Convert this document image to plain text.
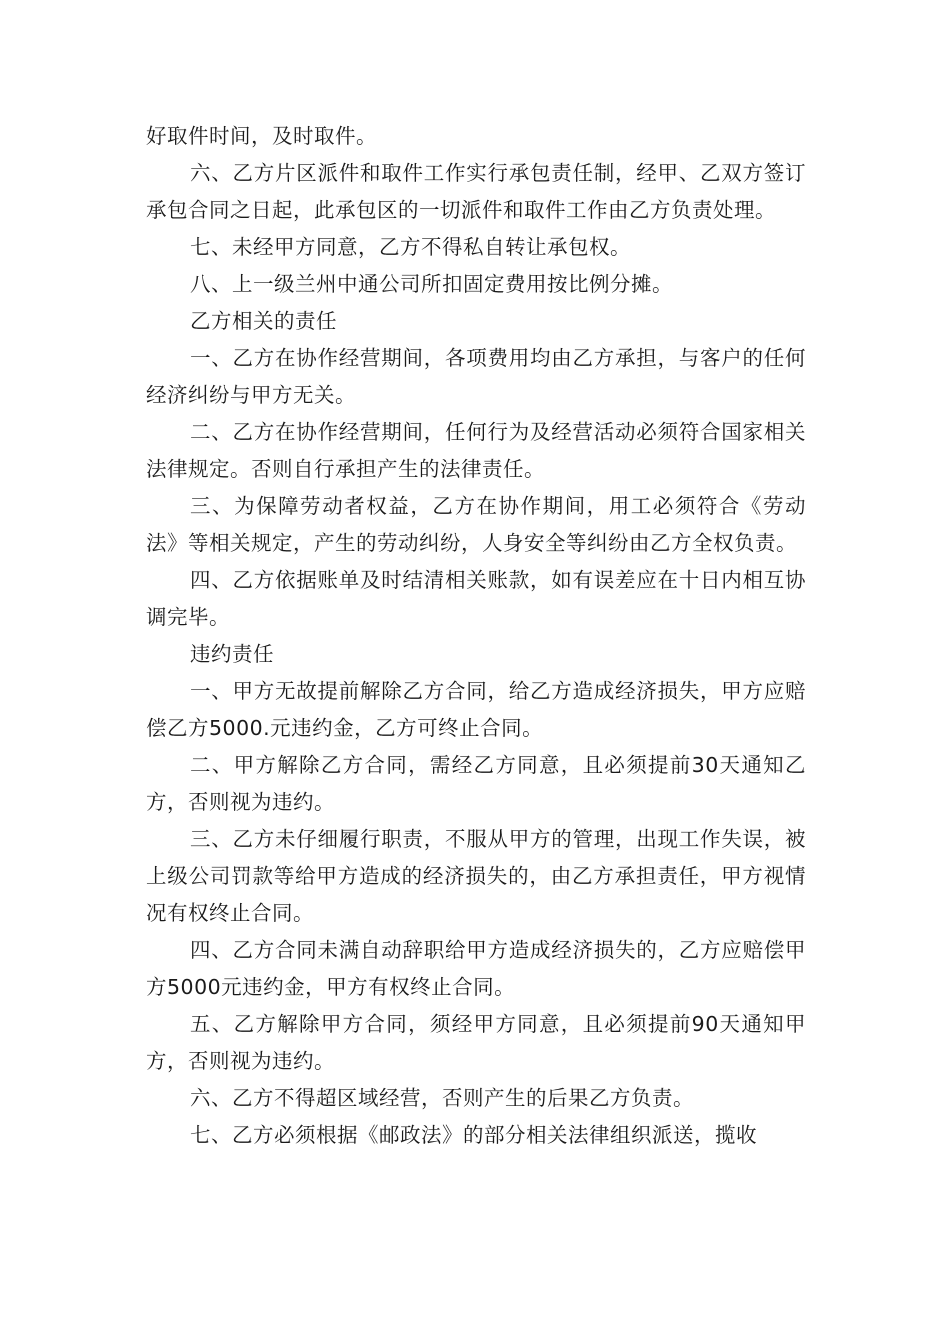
好取件时间，及时取件。

六、乙方片区派件和取件工作实行承包责任制，经甲、乙双方签订承包合同之日起，此承包区的一切派件和取件工作由乙方负责处理。

七、未经甲方同意，乙方不得私自转让承包权。

八、上一级兰州中通公司所扣固定费用按比例分摊。

乙方相关的责任

一、乙方在协作经营期间，各项费用均由乙方承担，与客户的任何经济纠纷与甲方无关。

二、乙方在协作经营期间，任何行为及经营活动必须符合国家相关法律规定。否则自行承担产生的法律责任。

三、为保障劳动者权益，乙方在协作期间，用工必须符合《劳动法》等相关规定，产生的劳动纠纷，人身安全等纠纷由乙方全权负责。

四、乙方依据账单及时结清相关账款，如有误差应在十日内相互协调完毕。

违约责任

一、甲方无故提前解除乙方合同，给乙方造成经济损失，甲方应赔偿乙方5000.元违约金，乙方可终止合同。

二、甲方解除乙方合同，需经乙方同意，且必须提前30天通知乙方，否则视为违约。

三、乙方未仔细履行职责，不服从甲方的管理，出现工作失误，被上级公司罚款等给甲方造成的经济损失的，由乙方承担责任，甲方视情况有权终止合同。

四、乙方合同未满自动辞职给甲方造成经济损失的，乙方应赔偿甲方5000元违约金，甲方有权终止合同。

五、乙方解除甲方合同，须经甲方同意，且必须提前90天通知甲方，否则视为违约。

六、乙方不得超区域经营，否则产生的后果乙方负责。

七、乙方必须根据《邮政法》的部分相关法律组织派送，揽收
